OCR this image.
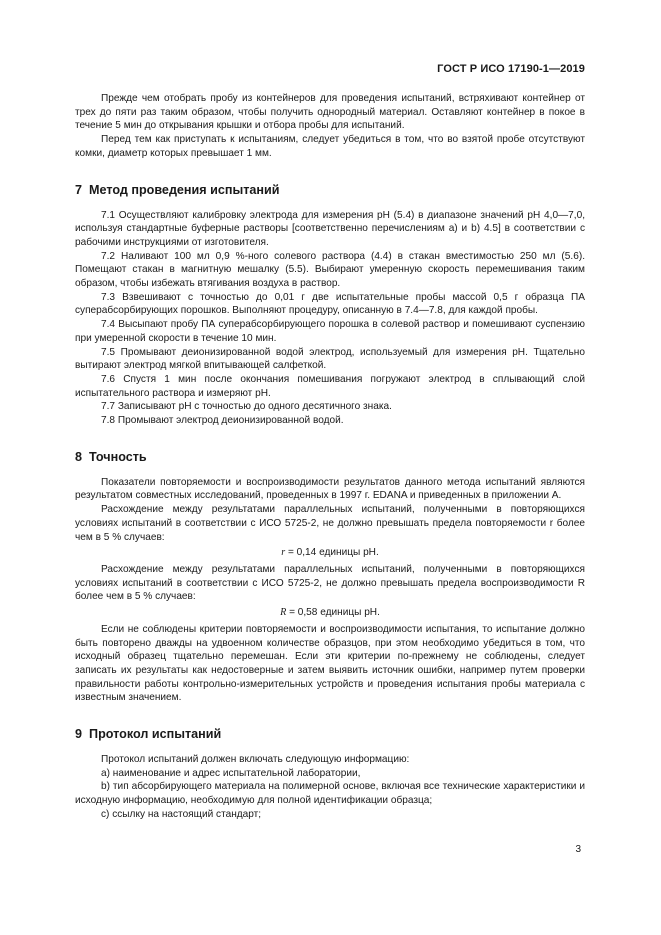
ГОСТ Р ИСО 17190-1—2019

Прежде чем отобрать пробу из контейнеров для проведения испытаний, встряхивают контейнер от трех до пяти раз таким образом, чтобы получить однородный материал. Оставляют контейнер в покое в течение 5 мин до открывания крышки и отбора пробы для испытаний.

Перед тем как приступать к испытаниям, следует убедиться в том, что во взятой пробе отсутствуют комки, диаметр которых превышает 1 мм.

7 Метод проведения испытаний

7.1 Осуществляют калибровку электрода для измерения pH (5.4) в диапазоне значений pH 4,0—7,0, используя стандартные буферные растворы [соответственно перечислениям a) и b) 4.5] в соответствии с рабочими инструкциями от изготовителя.

7.2 Наливают 100 мл 0,9 %-ного солевого раствора (4.4) в стакан вместимостью 250 мл (5.6). Помещают стакан в магнитную мешалку (5.5). Выбирают умеренную скорость перемешивания таким образом, чтобы избежать втягивания воздуха в раствор.

7.3 Взвешивают с точностью до 0,01 г две испытательные пробы массой 0,5 г образца ПА суперабсорбирующих порошков. Выполняют процедуру, описанную в 7.4—7.8, для каждой пробы.

7.4 Высыпают пробу ПА суперабсорбирующего порошка в солевой раствор и помешивают суспензию при умеренной скорости в течение 10 мин.

7.5 Промывают деионизированной водой электрод, используемый для измерения pH. Тщательно вытирают электрод мягкой впитывающей салфеткой.

7.6 Спустя 1 мин после окончания помешивания погружают электрод в сплывающий слой испытательного раствора и измеряют pH.

7.7 Записывают pH с точностью до одного десятичного знака.

7.8 Промывают электрод деионизированной водой.

8 Точность

Показатели повторяемости и воспроизводимости результатов данного метода испытаний являются результатом совместных исследований, проведенных в 1997 г. EDANA и приведенных в приложении А.

Расхождение между результатами параллельных испытаний, полученными в повторяющихся условиях испытаний в соответствии с ИСО 5725-2, не должно превышать предела повторяемости r более чем в 5 % случаев:

r = 0,14 единицы pH.

Расхождение между результатами параллельных испытаний, полученными в повторяющихся условиях испытаний в соответствии с ИСО 5725-2, не должно превышать предела воспроизводимости R более чем в 5 % случаев:

R = 0,58 единицы pH.

Если не соблюдены критерии повторяемости и воспроизводимости испытания, то испытание должно быть повторено дважды на удвоенном количестве образцов, при этом необходимо убедиться в том, что исходный образец тщательно перемешан. Если эти критерии по-прежнему не соблюдены, следует записать их результаты как недостоверные и затем выявить источник ошибки, например путем проверки правильности работы контрольно-измерительных устройств и проведения испытания пробы материала с известным значением.

9 Протокол испытаний

Протокол испытаний должен включать следующую информацию:

a) наименование и адрес испытательной лаборатории,

b) тип абсорбирующего материала на полимерной основе, включая все технические характеристики и исходную информацию, необходимую для полной идентификации образца;

c) ссылку на настоящий стандарт;

3
